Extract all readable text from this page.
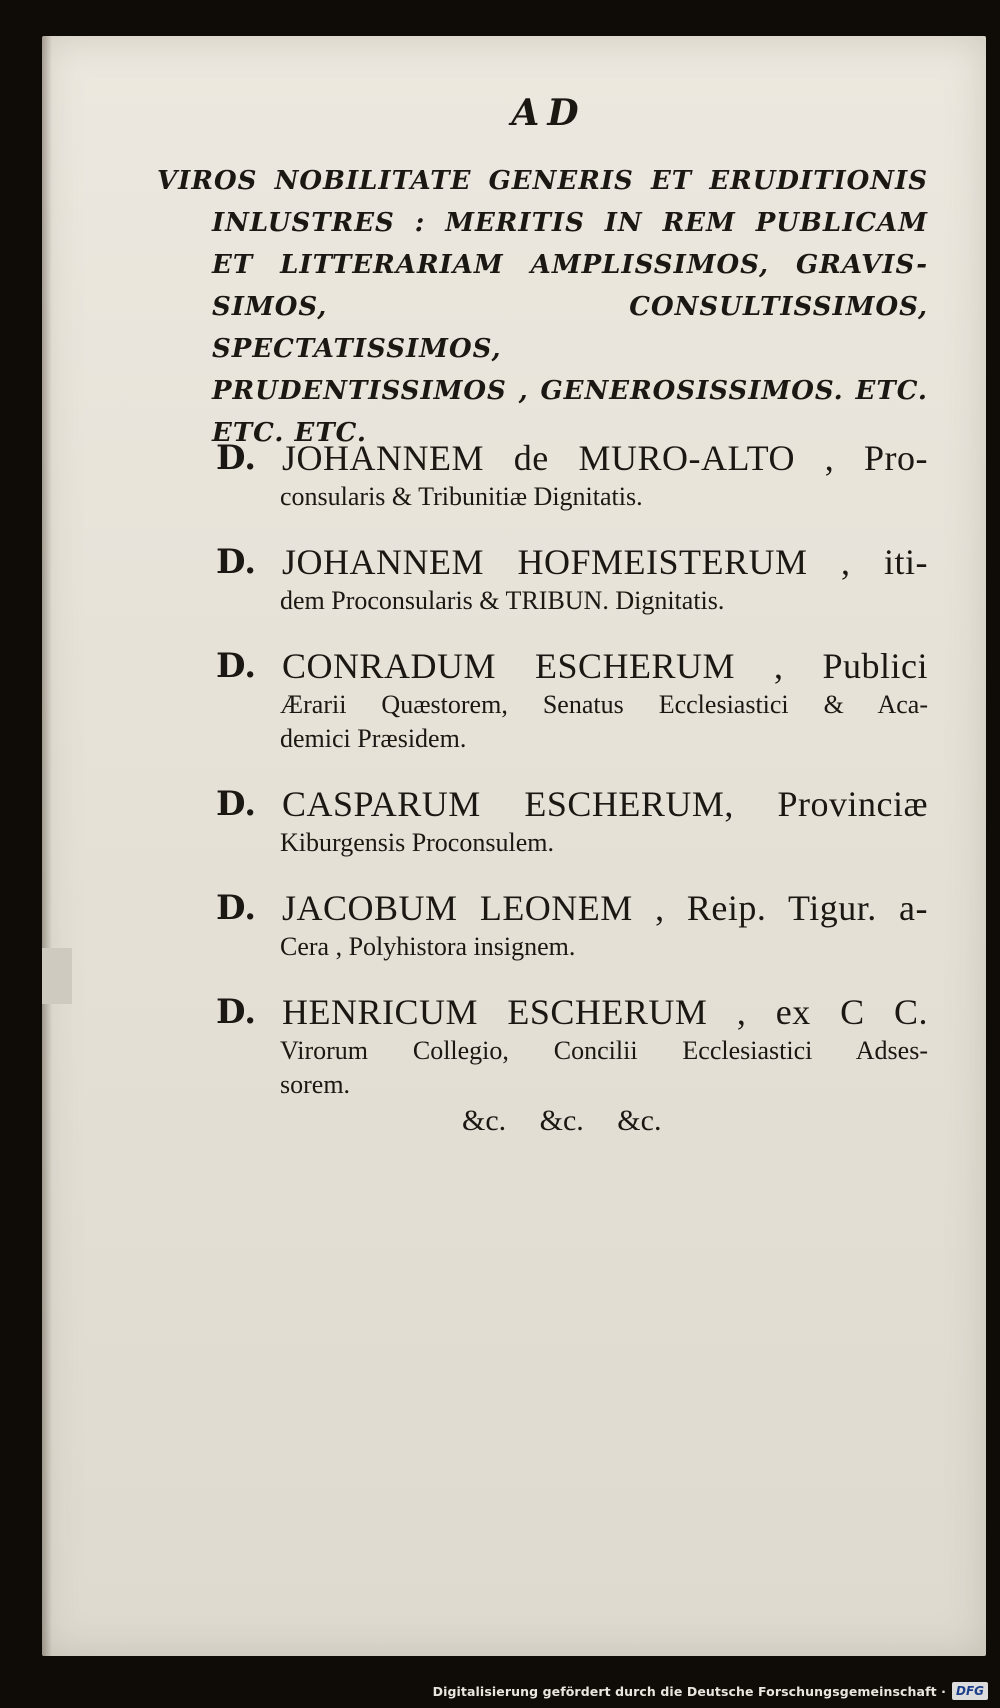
AD
VIROS NOBILITATE GENERIS ET ERUDITIONIS
INLUSTRES : MERITIS IN REM PUBLICAM
ET LITTERARIAM AMPLISSIMOS, GRAVIS-
SIMOS, CONSULTISSIMOS, SPECTATISSIMOS,
PRUDENTISSIMOS , GENEROSISSIMOS. ETC.
ETC. ETC.
D. JOHANNEM de MURO-ALTO , Pro-
consularis & Tribunitiæ Dignitatis.
D. JOHANNEM HOFMEISTERUM , iti-
dem Proconsularis & TRIBUN. Dignitatis.
D. CONRADUM ESCHERUM , Publici
Ærarii Quæstorem, Senatus Ecclesiastici & Aca-
demici Præsidem.
D. CASPARUM ESCHERUM, Provinciæ
Kiburgensis Proconsulem.
D. JACOBUM LEONEM , Reip. Tigur. a-
Cera , Polyhistora insignem.
D. HENRICUM ESCHERUM , ex C C.
Virorum Collegio, Concilii Ecclesiastici Adses-
sorem.
&c. &c. &c.
Digitalisierung gefördert durch die Deutsche Forschungsgemeinschaft · DFG
